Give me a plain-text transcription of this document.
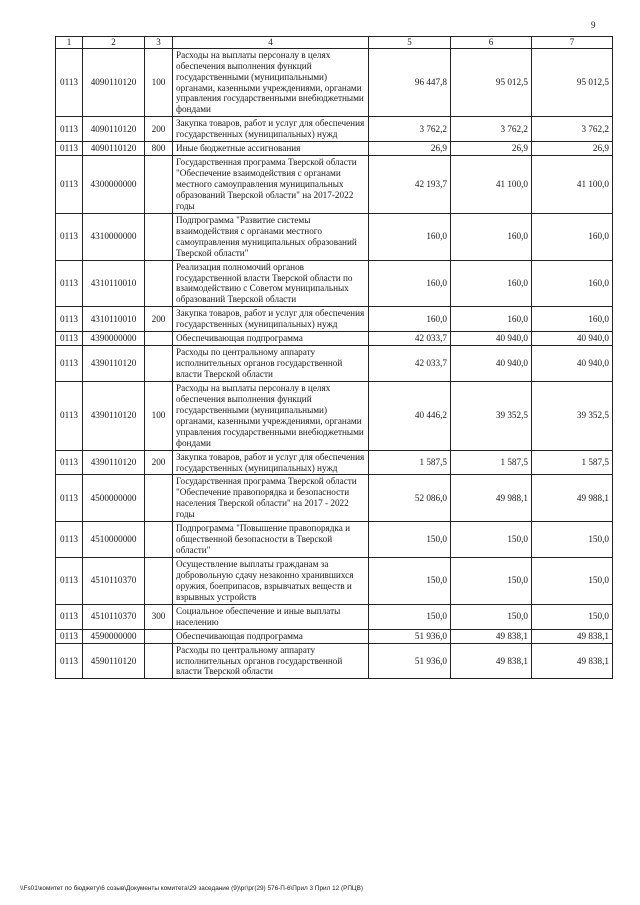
9
1	2	3	4	5	6	7
0113	4090110120	100	Расходы на выплаты персоналу в целях обеспечения выполнения функций государственными (муниципальными) органами, казенными учреждениями, органами управления государственными внебюджетными фондами	96 447,8	95 012,5	95 012,5
0113	4090110120	200	Закупка товаров, работ и услуг для обеспечения государственных (муниципальных) нужд	3 762,2	3 762,2	3 762,2
0113	4090110120	800	Иные бюджетные ассигнования	26,9	26,9	26,9
0113	4300000000		Государственная программа Тверской области "Обеспечение взаимодействия с органами местного самоуправления муниципальных образований Тверской области" на 2017-2022 годы	42 193,7	41 100,0	41 100,0
0113	4310000000		Подпрограмма "Развитие системы взаимодействия с органами местного самоуправления муниципальных образований Тверской области"	160,0	160,0	160,0
0113	4310110010		Реализация полномочий органов государственной власти Тверской области по взаимодействию с Советом муниципальных образований Тверской области	160,0	160,0	160,0
0113	4310110010	200	Закупка товаров, работ и услуг для обеспечения государственных (муниципальных) нужд	160,0	160,0	160,0
0113	4390000000		Обеспечивающая подпрограмма	42 033,7	40 940,0	40 940,0
0113	4390110120		Расходы по центральному аппарату исполнительных органов государственной власти Тверской области	42 033,7	40 940,0	40 940,0
0113	4390110120	100	Расходы на выплаты персоналу в целях обеспечения выполнения функций государственными (муниципальными) органами, казенными учреждениями, органами управления государственными внебюджетными фондами	40 446,2	39 352,5	39 352,5
0113	4390110120	200	Закупка товаров, работ и услуг для обеспечения государственных (муниципальных) нужд	1 587,5	1 587,5	1 587,5
0113	4500000000		Государственная программа Тверской области "Обеспечение правопорядка и безопасности населения Тверской области" на 2017 - 2022 годы	52 086,0	49 988,1	49 988,1
0113	4510000000		Подпрограмма "Повышение правопорядка и общественной безопасности в Тверской области"	150,0	150,0	150,0
0113	4510110370		Осуществление выплаты гражданам за добровольную сдачу незаконно хранившихся оружия, боеприпасов, взрывчатых веществ и взрывных устройств	150,0	150,0	150,0
0113	4510110370	300	Социальное обеспечение и иные выплаты населению	150,0	150,0	150,0
0113	4590000000		Обеспечивающая подпрограмма	51 936,0	49 838,1	49 838,1
0113	4590110120		Расходы по центральному аппарату исполнительных органов государственной власти Тверской области	51 936,0	49 838,1	49 838,1
\\Fs01\комитет по бюджету\6 созыв\Документы комитета\29 заседание (9)\рг\рг(29) 576-П-6\Прил 3 Прил 12 (РПЦВ)
